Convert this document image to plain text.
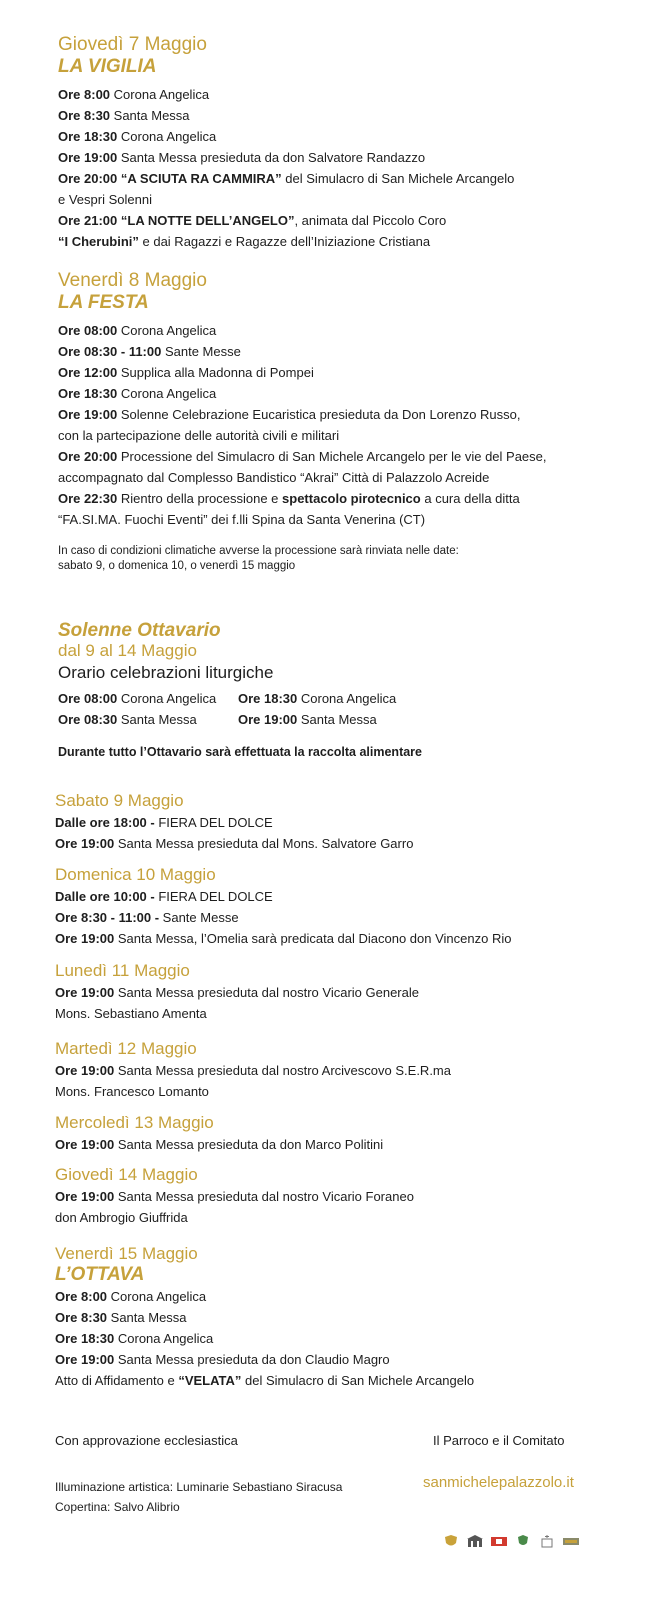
Giovedì 7 Maggio
LA VIGILIA
Ore 8:00 Corona Angelica
Ore 8:30 Santa Messa
Ore 18:30 Corona Angelica
Ore 19:00 Santa Messa presieduta da don Salvatore Randazzo
Ore 20:00 “A SCIUTA RA CAMMIRA” del Simulacro di San Michele Arcangelo
e Vespri Solenni
Ore 21:00 “LA NOTTE DELL’ANGELO”, animata dal Piccolo Coro
“I Cherubini” e dai Ragazzi e Ragazze dell’Iniziazione Cristiana
Venerdì 8 Maggio
LA FESTA
Ore 08:00 Corona Angelica
Ore 08:30 - 11:00 Sante Messe
Ore 12:00 Supplica alla Madonna di Pompei
Ore 18:30 Corona Angelica
Ore 19:00 Solenne Celebrazione Eucaristica presieduta da Don Lorenzo Russo,
con la partecipazione delle autorità civili e militari
Ore 20:00 Processione del Simulacro di San Michele Arcangelo per le vie del Paese,
accompagnato dal Complesso Bandistico “Akrai” Città di Palazzolo Acreide
Ore 22:30 Rientro della processione e spettacolo pirotecnico a cura della ditta
“FA.SI.MA. Fuochi Eventi” dei f.lli Spina da Santa Venerina (CT)
In caso di condizioni climatiche avverse la processione sarà rinviata nelle date:
sabato 9, o domenica 10, o venerdì 15 maggio
Solenne Ottavario
dal 9 al 14 Maggio
Orario celebrazioni liturgiche
Ore 08:00 Corona Angelica
Ore 08:30 Santa Messa
Ore 18:30 Corona Angelica
Ore 19:00 Santa Messa
Durante tutto l’Ottavario sarà effettuata la raccolta alimentare
Sabato 9 Maggio
Dalle ore 18:00 - FIERA DEL DOLCE
Ore 19:00 Santa Messa presieduta dal Mons. Salvatore Garro
Domenica 10 Maggio
Dalle ore 10:00 - FIERA DEL DOLCE
Ore 8:30 - 11:00 - Sante Messe
Ore 19:00 Santa Messa, l’Omelia sarà predicata dal Diacono don Vincenzo Rio
Lunedì 11 Maggio
Ore 19:00 Santa Messa presieduta dal nostro Vicario Generale
Mons. Sebastiano Amenta
Martedì 12 Maggio
Ore 19:00 Santa Messa presieduta dal nostro Arcivescovo S.E.R.ma
Mons. Francesco Lomanto
Mercoledì 13 Maggio
Ore 19:00 Santa Messa presieduta da don Marco Politini
Giovedì 14 Maggio
Ore 19:00 Santa Messa presieduta dal nostro Vicario Foraneo
don Ambrogio Giuffrida
Venerdì 15 Maggio
L’OTTAVA
Ore 8:00 Corona Angelica
Ore 8:30 Santa Messa
Ore 18:30 Corona Angelica
Ore 19:00 Santa Messa presieduta da don Claudio Magro
Atto di Affidamento e “VELATA” del Simulacro di San Michele Arcangelo
Con approvazione ecclesiastica	Il Parroco e il Comitato
Illuminazione artistica: Luminarie Sebastiano Siracusa
Copertina: Salvo Alibrio
sanmichelepalazzolo.it
